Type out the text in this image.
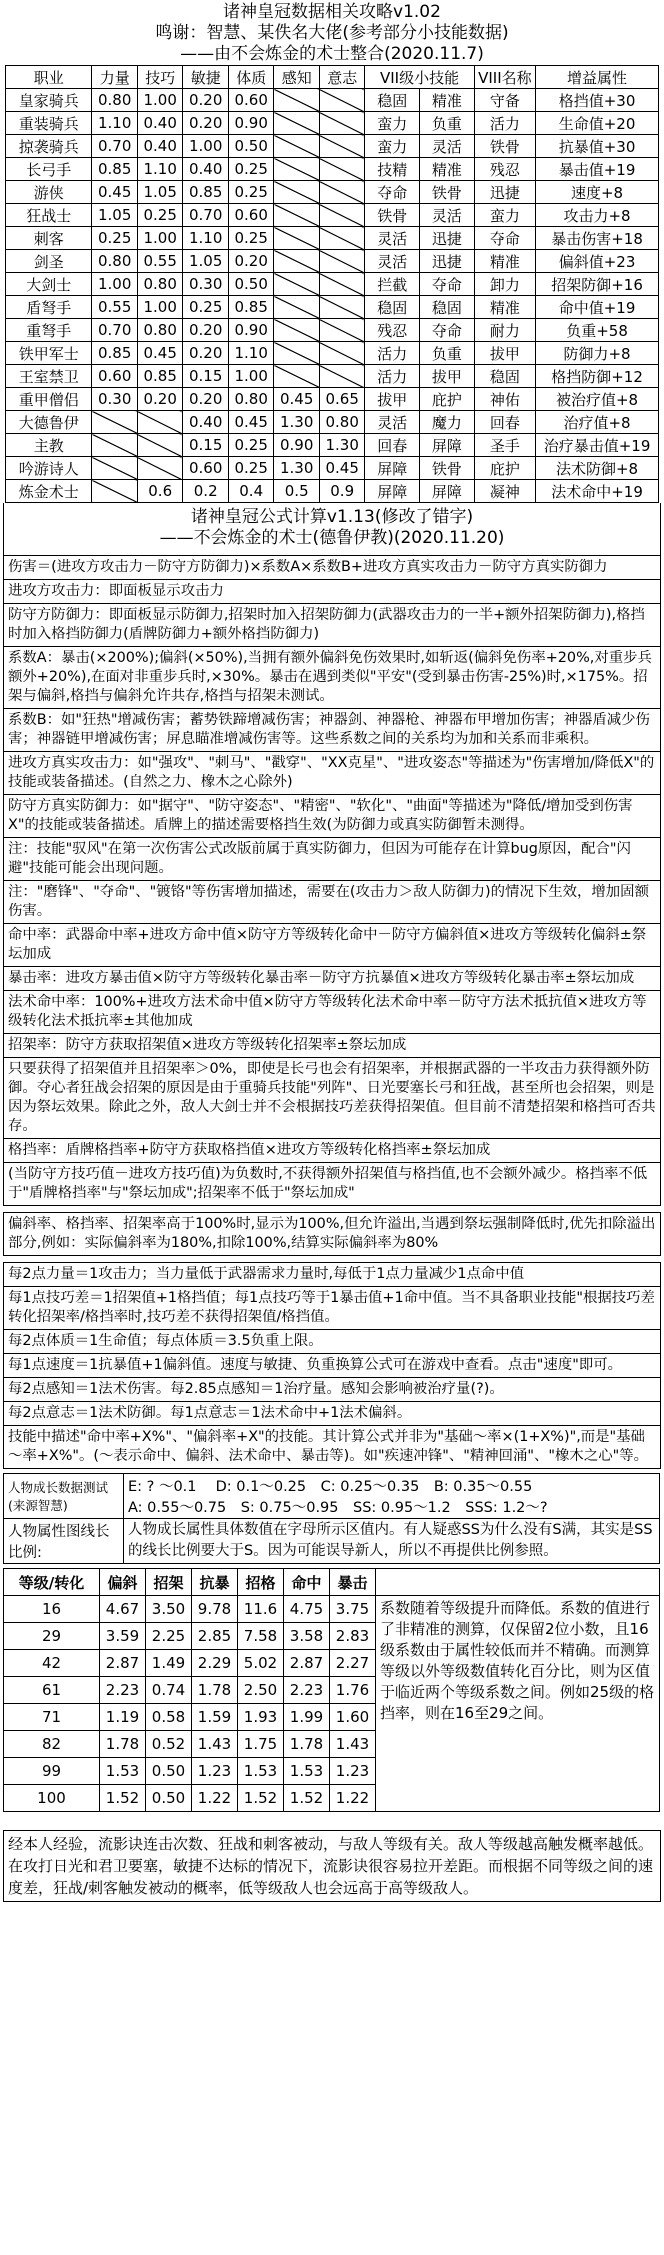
诸神皇冠数据相关攻略v1.02
鸣谢：智慧、某佚名大佬(参考部分小技能数据)
——由不会炼金的术士整合(2020.11.7)
职业	力量	技巧	敏捷	体质	感知	意志	VII级小技能		VIII名称	增益属性
皇家骑兵	0.80	1.00	0.20	0.60			稳固	精准	守备	格挡值+30
重装骑兵	1.10	0.40	0.20	0.90			蛮力	负重	活力	生命值+20
掠袭骑兵	0.70	0.40	1.00	0.50			蛮力	灵活	铁骨	抗暴值+30
长弓手	0.85	1.10	0.40	0.25			技精	精准	残忍	暴击值+19
游侠	0.45	1.05	0.85	0.25			夺命	铁骨	迅捷	速度+8
狂战士	1.05	0.25	0.70	0.60			铁骨	灵活	蛮力	攻击力+8
刺客	0.25	1.00	1.10	0.25			灵活	迅捷	夺命	暴击伤害+18
剑圣	0.80	0.55	1.05	0.20			灵活	迅捷	精准	偏斜值+23
大剑士	1.00	0.80	0.30	0.50			拦截	夺命	卸力	招架防御+16
盾弩手	0.55	1.00	0.25	0.85			稳固	稳固	精准	命中值+19
重弩手	0.70	0.80	0.20	0.90			残忍	夺命	耐力	负重+58
铁甲军士	0.85	0.45	0.20	1.10			活力	负重	拔甲	防御力+8
王室禁卫	0.60	0.85	0.15	1.00			活力	拔甲	稳固	格挡防御+12
重甲僧侣	0.30	0.20	0.20	0.80	0.45	0.65	拔甲	庇护	神佑	被治疗值+8
大德鲁伊			0.40	0.45	1.30	0.80	灵活	魔力	回春	治疗值+8
主教			0.15	0.25	0.90	1.30	回春	屏障	圣手	治疗暴击值+19
吟游诗人			0.60	0.25	1.30	0.45	屏障	铁骨	庇护	法术防御+8
炼金术士		0.6	0.2	0.4	0.5	0.9	屏障	屏障	凝神	法术命中+19
诸神皇冠公式计算v1.13(修改了错字)
——不会炼金的术士(德鲁伊教)(2020.11.20)
伤害＝(进攻方攻击力－防守方防御力)×系数A×系数B+进攻方真实攻击力－防守方真实防御力
进攻方攻击力：即面板显示攻击力
防守方防御力：即面板显示防御力,招架时加入招架防御力(武器攻击力的一半+额外招架防御力),格挡时加入格挡防御力(盾牌防御力+额外格挡防御力)
系数A：暴击(×200%);偏斜(×50%),当拥有额外偏斜免伤效果时,如斩返(偏斜免伤率+20%,对重步兵额外+20%),在面对非重步兵时,×30%。暴击在遇到类似"平安"(受到暴击伤害-25%)时,×175%。招架与偏斜,格挡与偏斜允许共存,格挡与招架未测试。
系数B：如"狂热"增减伤害；蓄势铁蹄增减伤害；神器剑、神器枪、神器布甲增加伤害；神器盾减少伤害；神器链甲增减伤害；屏息瞄准增减伤害等。这些系数之间的关系均为加和关系而非乘积。
进攻方真实攻击力：如"强攻"、"刺马"、"戳穿"、"XX克星"、"进攻姿态"等描述为"伤害增加/降低X"的技能或装备描述。(自然之力、橡木之心除外)
防守方真实防御力：如"据守"、"防守姿态"、"精密"、"软化"、"曲面"等描述为"降低/增加受到伤害X"的技能或装备描述。盾牌上的描述需要格挡生效(为防御力或真实防御暂未测得。
注：技能"驭风"在第一次伤害公式改版前属于真实防御力，但因为可能存在计算bug原因，配合"闪避"技能可能会出现问题。
注："磨锋"、"夺命"、"镀铬"等伤害增加描述，需要在(攻击力＞敌人防御力)的情况下生效，增加固额伤害。
命中率：武器命中率+进攻方命中值×防守方等级转化命中－防守方偏斜值×进攻方等级转化偏斜±祭坛加成
暴击率：进攻方暴击值×防守方等级转化暴击率－防守方抗暴值×进攻方等级转化暴击率±祭坛加成
法术命中率：100%+进攻方法术命中值×防守方等级转化法术命中率－防守方法术抵抗值×进攻方等级转化法术抵抗率±其他加成
招架率：防守方获取招架值×进攻方等级转化招架率±祭坛加成
只要获得了招架值并且招架率＞0%，即使是长弓也会有招架率，并根据武器的一半攻击力获得额外防御。夺心者狂战会招架的原因是由于重骑兵技能"列阵"、日光要塞长弓和狂战，甚至所也会招架，则是因为祭坛效果。除此之外，敌人大剑士并不会根据技巧差获得招架值。但目前不清楚招架和格挡可否共存。
格挡率：盾牌格挡率+防守方获取格挡值×进攻方等级转化格挡率±祭坛加成
(当防守方技巧值－进攻方技巧值)为负数时,不获得额外招架值与格挡值,也不会额外减少。格挡率不低于"盾牌格挡率"与"祭坛加成";招架率不低于"祭坛加成"
偏斜率、格挡率、招架率高于100%时,显示为100%,但允许溢出,当遇到祭坛强制降低时,优先扣除溢出部分,例如：实际偏斜率为180%,扣除100%,结算实际偏斜率为80%
每2点力量＝1攻击力；当力量低于武器需求力量时,每低于1点力量减少1点命中值
每1点技巧差＝1招架值+1格挡值；每1点技巧等于1暴击值+1命中值。当不具备职业技能"根据技巧差转化招架率/格挡率时,技巧差不获得招架值/格挡值。
每2点体质＝1生命值；每点体质＝3.5负重上限。
每1点速度＝1抗暴值+1偏斜值。速度与敏捷、负重换算公式可在游戏中查看。点击"速度"即可。
每2点感知＝1法术伤害。每2.85点感知＝1治疗量。感知会影响被治疗量(?)。
每2点意志＝1法术防御。每1点意志＝1法术命中+1法术偏斜。
技能中描述"命中率+X%"、"偏斜率+X"的技能。其计算公式并非为"基础～率×(1+X%)",而是"基础～率+X%"。(～表示命中、偏斜、法术命中、暴击等)。如"疾速冲锋"、"精神回涌"、"橡木之心"等。
人物成长数据测试(来源智慧)	E: ? ～0.1　 D: 0.1～0.25　C: 0.25～0.35　B: 0.35～0.55
A: 0.55～0.75　S: 0.75～0.95　SS: 0.95～1.2　SSS: 1.2～?

人物属性图线长比例:	人物成长属性具体数值在字母所示区值内。有人疑惑SS为什么没有S满，其实是SS的线长比例要大于S。因为可能误导新人，所以不再提供比例参照。
等级/转化	偏斜	招架	抗暴	招格	命中	暴击	
16	4.67	3.50	9.78	11.6	4.75	3.75	系数随着等级提升而降低。系数的值进行了非精准的测算，仅保留2位小数，且16级系数由于属性较低而并不精确。而测算等级以外等级数值转化百分比，则为区值于临近两个等级系数之间。例如25级的格挡率，则在16至29之间。
29	3.59	2.25	2.85	7.58	3.58	2.83	
42	2.87	1.49	2.29	5.02	2.87	2.27	
61	2.23	0.74	1.78	2.50	2.23	1.76	
71	1.19	0.58	1.59	1.93	1.99	1.60	
82	1.78	0.52	1.43	1.75	1.78	1.43	
99	1.53	0.50	1.23	1.53	1.53	1.23	
100	1.52	0.50	1.22	1.52	1.52	1.22	
经本人经验，流影诀连击次数、狂战和刺客被动，与敌人等级有关。敌人等级越高触发概率越低。在攻打日光和君卫要塞，敏捷不达标的情况下，流影诀很容易拉开差距。而根据不同等级之间的速度差，狂战/刺客触发被动的概率，低等级敌人也会远高于高等级敌人。
